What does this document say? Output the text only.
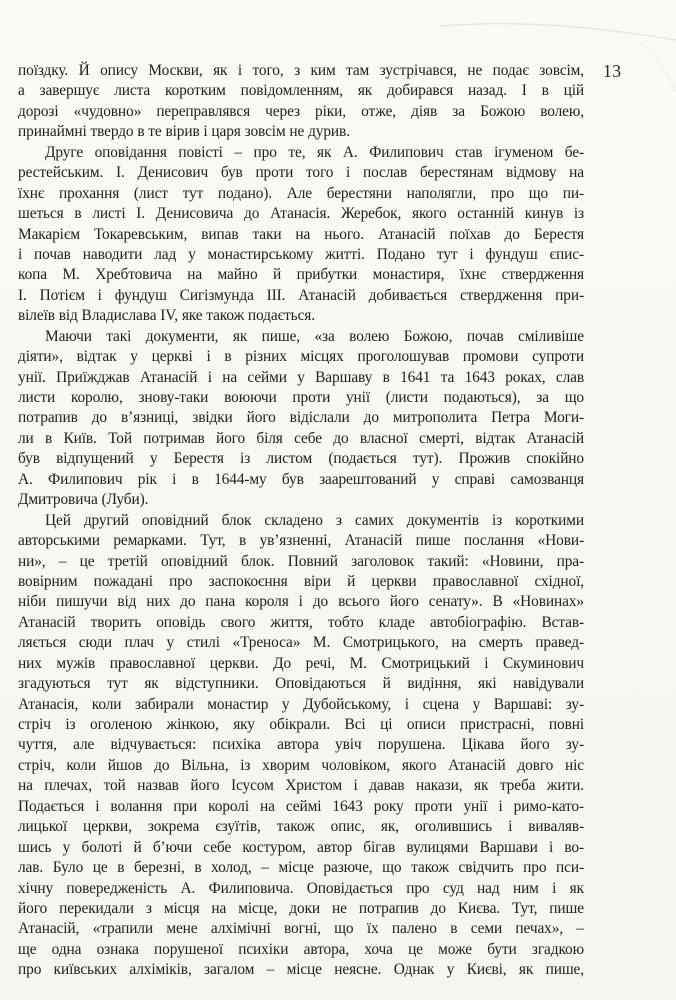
13
поїздку. Й опису Москви, як і того, з ким там зустрічався, не подає зовсім,
а завершує листа коротким повідомленням, як добирався назад. І в цій
дорозі «чудовно» переправлявся через ріки, отже, діяв за Божою волею,
принаймні твердо в те вірив і царя зовсім не дурив.
Друге оповідання повісті – про те, як А. Филипович став ігуменом бе-
рестейським. І. Денисович був проти того і послав берестянам відмову на
їхнє прохання (лист тут подано). Але берестяни наполягли, про що пи-
шеться в листі І. Денисовича до Атанасія. Жеребок, якого останній кинув із
Макарієм Токаревським, випав таки на нього. Атанасій поїхав до Берестя
і почав наводити лад у монастирському житті. Подано тут і фундуш єпис-
копа М. Хребтовича на майно й прибутки монастиря, їхнє ствердження
І. Потієм і фундуш Сигізмунда III. Атанасій добивається ствердження при-
вілеїв від Владислава IV, яке також подається.
Маючи такі документи, як пише, «за волею Божою, почав сміливіше
діяти», відтак у церкві і в різних місцях проголошував промови супроти
унії. Приїжджав Атанасій і на сейми у Варшаву в 1641 та 1643 роках, слав
листи королю, знову-таки воюючи проти унії (листи подаються), за що
потрапив до в’язниці, звідки його відіслали до митрополита Петра Моги-
ли в Київ. Той потримав його біля себе до власної смерті, відтак Атанасій
був відпущений у Берестя із листом (подається тут). Прожив спокійно
А. Филипович рік і в 1644-му був заарештований у справі самозванця
Дмитровича (Луби).
Цей другий оповідний блок складено з самих документів із короткими
авторськими ремарками. Тут, в ув’язненні, Атанасій пише послання «Нови-
ни», – це третій оповідний блок. Повний заголовок такий: «Новини, пра-
вовірним пожадані про заспокоєння віри й церкви православної східної,
ніби пишучи від них до пана короля і до всього його сенату». В «Новинах»
Атанасій творить оповідь свого життя, тобто кладе автобіографію. Встав-
ляється сюди плач у стилі «Треноса» М. Смотрицького, на смерть правед-
них мужів православної церкви. До речі, М. Смотрицький і Скуминович
згадуються тут як відступники. Оповідаються й видіння, які навідували
Атанасія, коли забирали монастир у Дубойському, і сцена у Варшаві: зу-
стріч із оголеною жінкою, яку обікрали. Всі ці описи пристрасні, повні
чуття, але відчувається: психіка автора увіч порушена. Цікава його зу-
стріч, коли йшов до Вільна, із хворим чоловіком, якого Атанасій довго ніс
на плечах, той назвав його Ісусом Христом і давав накази, як треба жити.
Подається і волання при королі на сеймі 1643 року проти унії і римо-като-
лицької церкви, зокрема єзуїтів, також опис, як, оголившись і виваляв-
шись у болоті й б’ючи себе костуром, автор бігав вулицями Варшави і во-
лав. Було це в березні, в холод, – місце разюче, що також свідчить про пси-
хічну повередженість А. Филиповича. Оповідається про суд над ним і як
його перекидали з місця на місце, доки не потрапив до Києва. Тут, пише
Атанасій, «трапили мене алхімічні вогні, що їх палено в семи печах», –
ще одна ознака порушеної психіки автора, хоча це може бути згадкою
про київських алхіміків, загалом – місце неясне. Однак у Києві, як пише,
